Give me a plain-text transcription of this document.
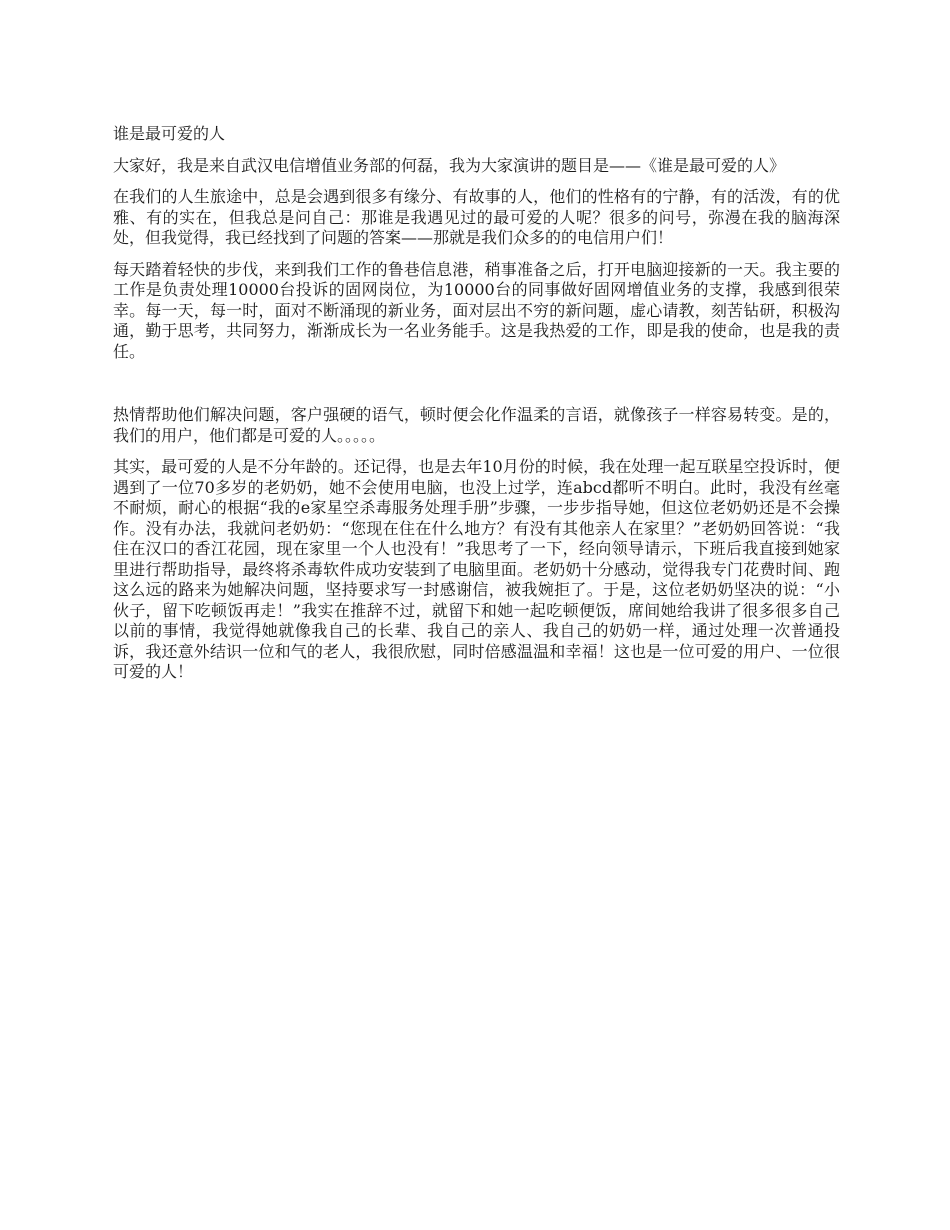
谁是最可爱的人

大家好，我是来自武汉电信增值业务部的何磊，我为大家演讲的题目是——《谁是最可爱的人》

在我们的人生旅途中，总是会遇到很多有缘分、有故事的人，他们的性格有的宁静，有的活泼，有的优雅、有的实在，但我总是问自己：那谁是我遇见过的最可爱的人呢？很多的问号，弥漫在我的脑海深处，但我觉得，我已经找到了问题的答案——那就是我们众多的的电信用户们！

每天踏着轻快的步伐，来到我们工作的鲁巷信息港，稍事准备之后，打开电脑迎接新的一天。我主要的工作是负责处理10000台投诉的固网岗位，为10000台的同事做好固网增值业务的支撑，我感到很荣幸。每一天，每一时，面对不断涌现的新业务，面对层出不穷的新问题，虚心请教，刻苦钻研，积极沟通，勤于思考，共同努力，渐渐成长为一名业务能手。这是我热爱的工作，即是我的使命，也是我的责任。

热情帮助他们解决问题，客户强硬的语气，顿时便会化作温柔的言语，就像孩子一样容易转变。是的，我们的用户，他们都是可爱的人。。。。。

其实，最可爱的人是不分年龄的。还记得，也是去年10月份的时候，我在处理一起互联星空投诉时，便遇到了一位70多岁的老奶奶，她不会使用电脑，也没上过学，连abcd都听不明白。此时，我没有丝毫不耐烦，耐心的根据“我的e家星空杀毒服务处理手册”步骤，一步步指导她，但这位老奶奶还是不会操作。没有办法，我就问老奶奶：“您现在住在什么地方？有没有其他亲人在家里？”老奶奶回答说：“我住在汉口的香江花园，现在家里一个人也没有！”我思考了一下，经向领导请示，下班后我直接到她家里进行帮助指导，最终将杀毒软件成功安装到了电脑里面。老奶奶十分感动，觉得我专门花费时间、跑这么远的路来为她解决问题，坚持要求写一封感谢信，被我婉拒了。于是，这位老奶奶坚决的说：“小伙子，留下吃顿饭再走！”我实在推辞不过，就留下和她一起吃顿便饭，席间她给我讲了很多很多自己以前的事情，我觉得她就像我自己的长辈、我自己的亲人、我自己的奶奶一样，通过处理一次普通投诉，我还意外结识一位和气的老人，我很欣慰，同时倍感温温和幸福！这也是一位可爱的用户、一位很可爱的人！
